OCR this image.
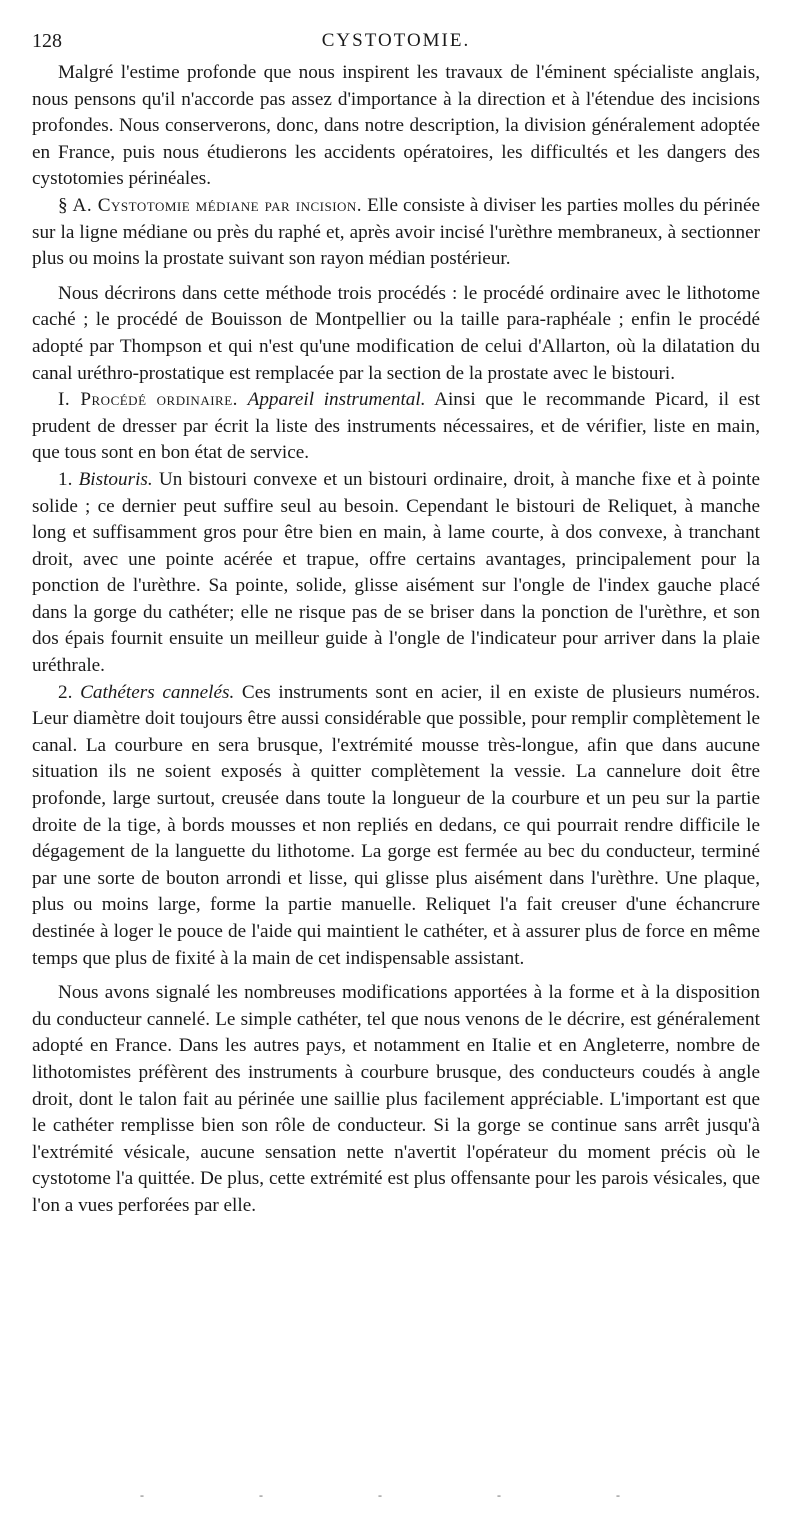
128	CYSTOTOMIE.

Malgré l'estime profonde que nous inspirent les travaux de l'éminent spécialiste anglais, nous pensons qu'il n'accorde pas assez d'importance à la direction et à l'étendue des incisions profondes. Nous conserverons, donc, dans notre description, la division généralement adoptée en France, puis nous étudierons les accidents opératoires, les difficultés et les dangers des cystotomies périnéales.

§ A. Cystotomie médiane par incision. Elle consiste à diviser les parties molles du périnée sur la ligne médiane ou près du raphé et, après avoir incisé l'urèthre membraneux, à sectionner plus ou moins la prostate suivant son rayon médian postérieur.

Nous décrirons dans cette méthode trois procédés : le procédé ordinaire avec le lithotome caché ; le procédé de Bouisson de Montpellier ou la taille para-raphéale ; enfin le procédé adopté par Thompson et qui n'est qu'une modification de celui d'Allarton, où la dilatation du canal uréthro-prostatique est remplacée par la section de la prostate avec le bistouri.

I. Procédé ordinaire. Appareil instrumental. Ainsi que le recommande Picard, il est prudent de dresser par écrit la liste des instruments nécessaires, et de vérifier, liste en main, que tous sont en bon état de service.

1. Bistouris. Un bistouri convexe et un bistouri ordinaire, droit, à manche fixe et à pointe solide ; ce dernier peut suffire seul au besoin. Cependant le bistouri de Reliquet, à manche long et suffisamment gros pour être bien en main, à lame courte, à dos convexe, à tranchant droit, avec une pointe acérée et trapue, offre certains avantages, principalement pour la ponction de l'urèthre. Sa pointe, solide, glisse aisément sur l'ongle de l'index gauche placé dans la gorge du cathéter; elle ne risque pas de se briser dans la ponction de l'urèthre, et son dos épais fournit ensuite un meilleur guide à l'ongle de l'indicateur pour arriver dans la plaie uréthrale.

2. Cathéters cannelés. Ces instruments sont en acier, il en existe de plusieurs numéros. Leur diamètre doit toujours être aussi considérable que possible, pour remplir complètement le canal. La courbure en sera brusque, l'extrémité mousse très-longue, afin que dans aucune situation ils ne soient exposés à quitter complètement la vessie. La cannelure doit être profonde, large surtout, creusée dans toute la longueur de la courbure et un peu sur la partie droite de la tige, à bords mousses et non repliés en dedans, ce qui pourrait rendre difficile le dégagement de la languette du lithotome. La gorge est fermée au bec du conducteur, terminé par une sorte de bouton arrondi et lisse, qui glisse plus aisément dans l'urèthre. Une plaque, plus ou moins large, forme la partie manuelle. Reliquet l'a fait creuser d'une échancrure destinée à loger le pouce de l'aide qui maintient le cathéter, et à assurer plus de force en même temps que plus de fixité à la main de cet indispensable assistant.

Nous avons signalé les nombreuses modifications apportées à la forme et à la disposition du conducteur cannelé. Le simple cathéter, tel que nous venons de le décrire, est généralement adopté en France. Dans les autres pays, et notamment en Italie et en Angleterre, nombre de lithotomistes préfèrent des instruments à courbure brusque, des conducteurs coudés à angle droit, dont le talon fait au périnée une saillie plus facilement appréciable. L'important est que le cathéter remplisse bien son rôle de conducteur. Si la gorge se continue sans arrêt jusqu'à l'extrémité vésicale, aucune sensation nette n'avertit l'opérateur du moment précis où le cystotome l'a quittée. De plus, cette extrémité est plus offensante pour les parois vésicales, que l'on a vues perforées par elle.

- - - - -
